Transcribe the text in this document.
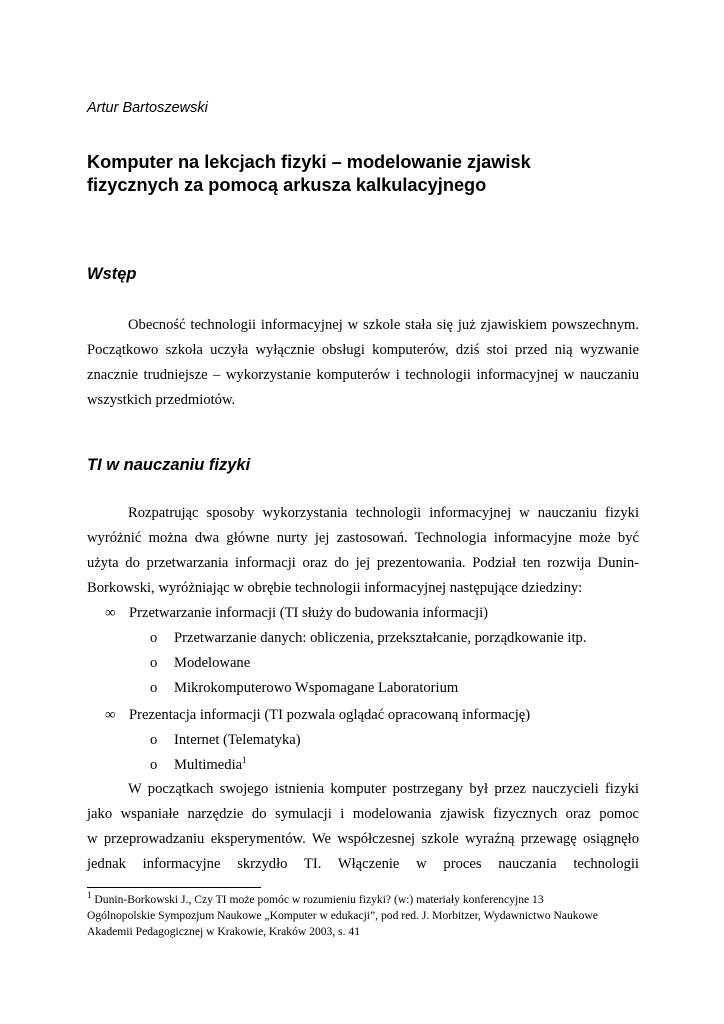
Artur Bartoszewski
Komputer na lekcjach fizyki – modelowanie zjawisk
fizycznych za pomocą arkusza kalkulacyjnego
Wstęp
Obecność technologii informacyjnej w szkole stała się już zjawiskiem powszechnym.
Początkowo szkoła uczyła wyłącznie obsługi komputerów, dziś stoi przed nią wyzwanie
znacznie trudniejsze – wykorzystanie komputerów i technologii informacyjnej w nauczaniu
wszystkich przedmiotów.
TI w nauczaniu fizyki
Rozpatrując sposoby wykorzystania technologii informacyjnej w nauczaniu fizyki
wyróżnić można dwa główne nurty jej zastosowań. Technologia informacyjne może być
użyta do przetwarzania informacji oraz do jej prezentowania. Podział ten rozwija Dunin-
Borkowski, wyróżniając w obrębie technologii informacyjnej następujące dziedziny:
∞ Przetwarzanie informacji (TI służy do budowania informacji)
o Przetwarzanie danych: obliczenia, przekształcanie, porządkowanie itp.
o Modelowane
o Mikrokomputerowo Wspomagane Laboratorium
∞ Prezentacja informacji (TI pozwala oglądać opracowaną informację)
o Internet (Telematyka)
o Multimedia$^1$
W początkach swojego istnienia komputer postrzegany był przez nauczycieli fizyki
jako wspaniałe narzędzie do symulacji i modelowania zjawisk fizycznych oraz pomoc
w przeprowadzaniu eksperymentów. We współczesnej szkole wyraźną przewagę osiągnęło
jednak informacyjne skrzydło TI. Włączenie w proces nauczania technologii
$^1$ Dunin-Borkowski J., Czy TI może pomóc w rozumieniu fizyki? (w:) materiały konferencyjne 13
Ogólnopolskie Sympozjum Naukowe „Komputer w edukacji”, pod red. J. Morbitzer, Wydawnictwo Naukowe
Akademii Pedagogicznej w Krakowie, Kraków 2003, s. 41
